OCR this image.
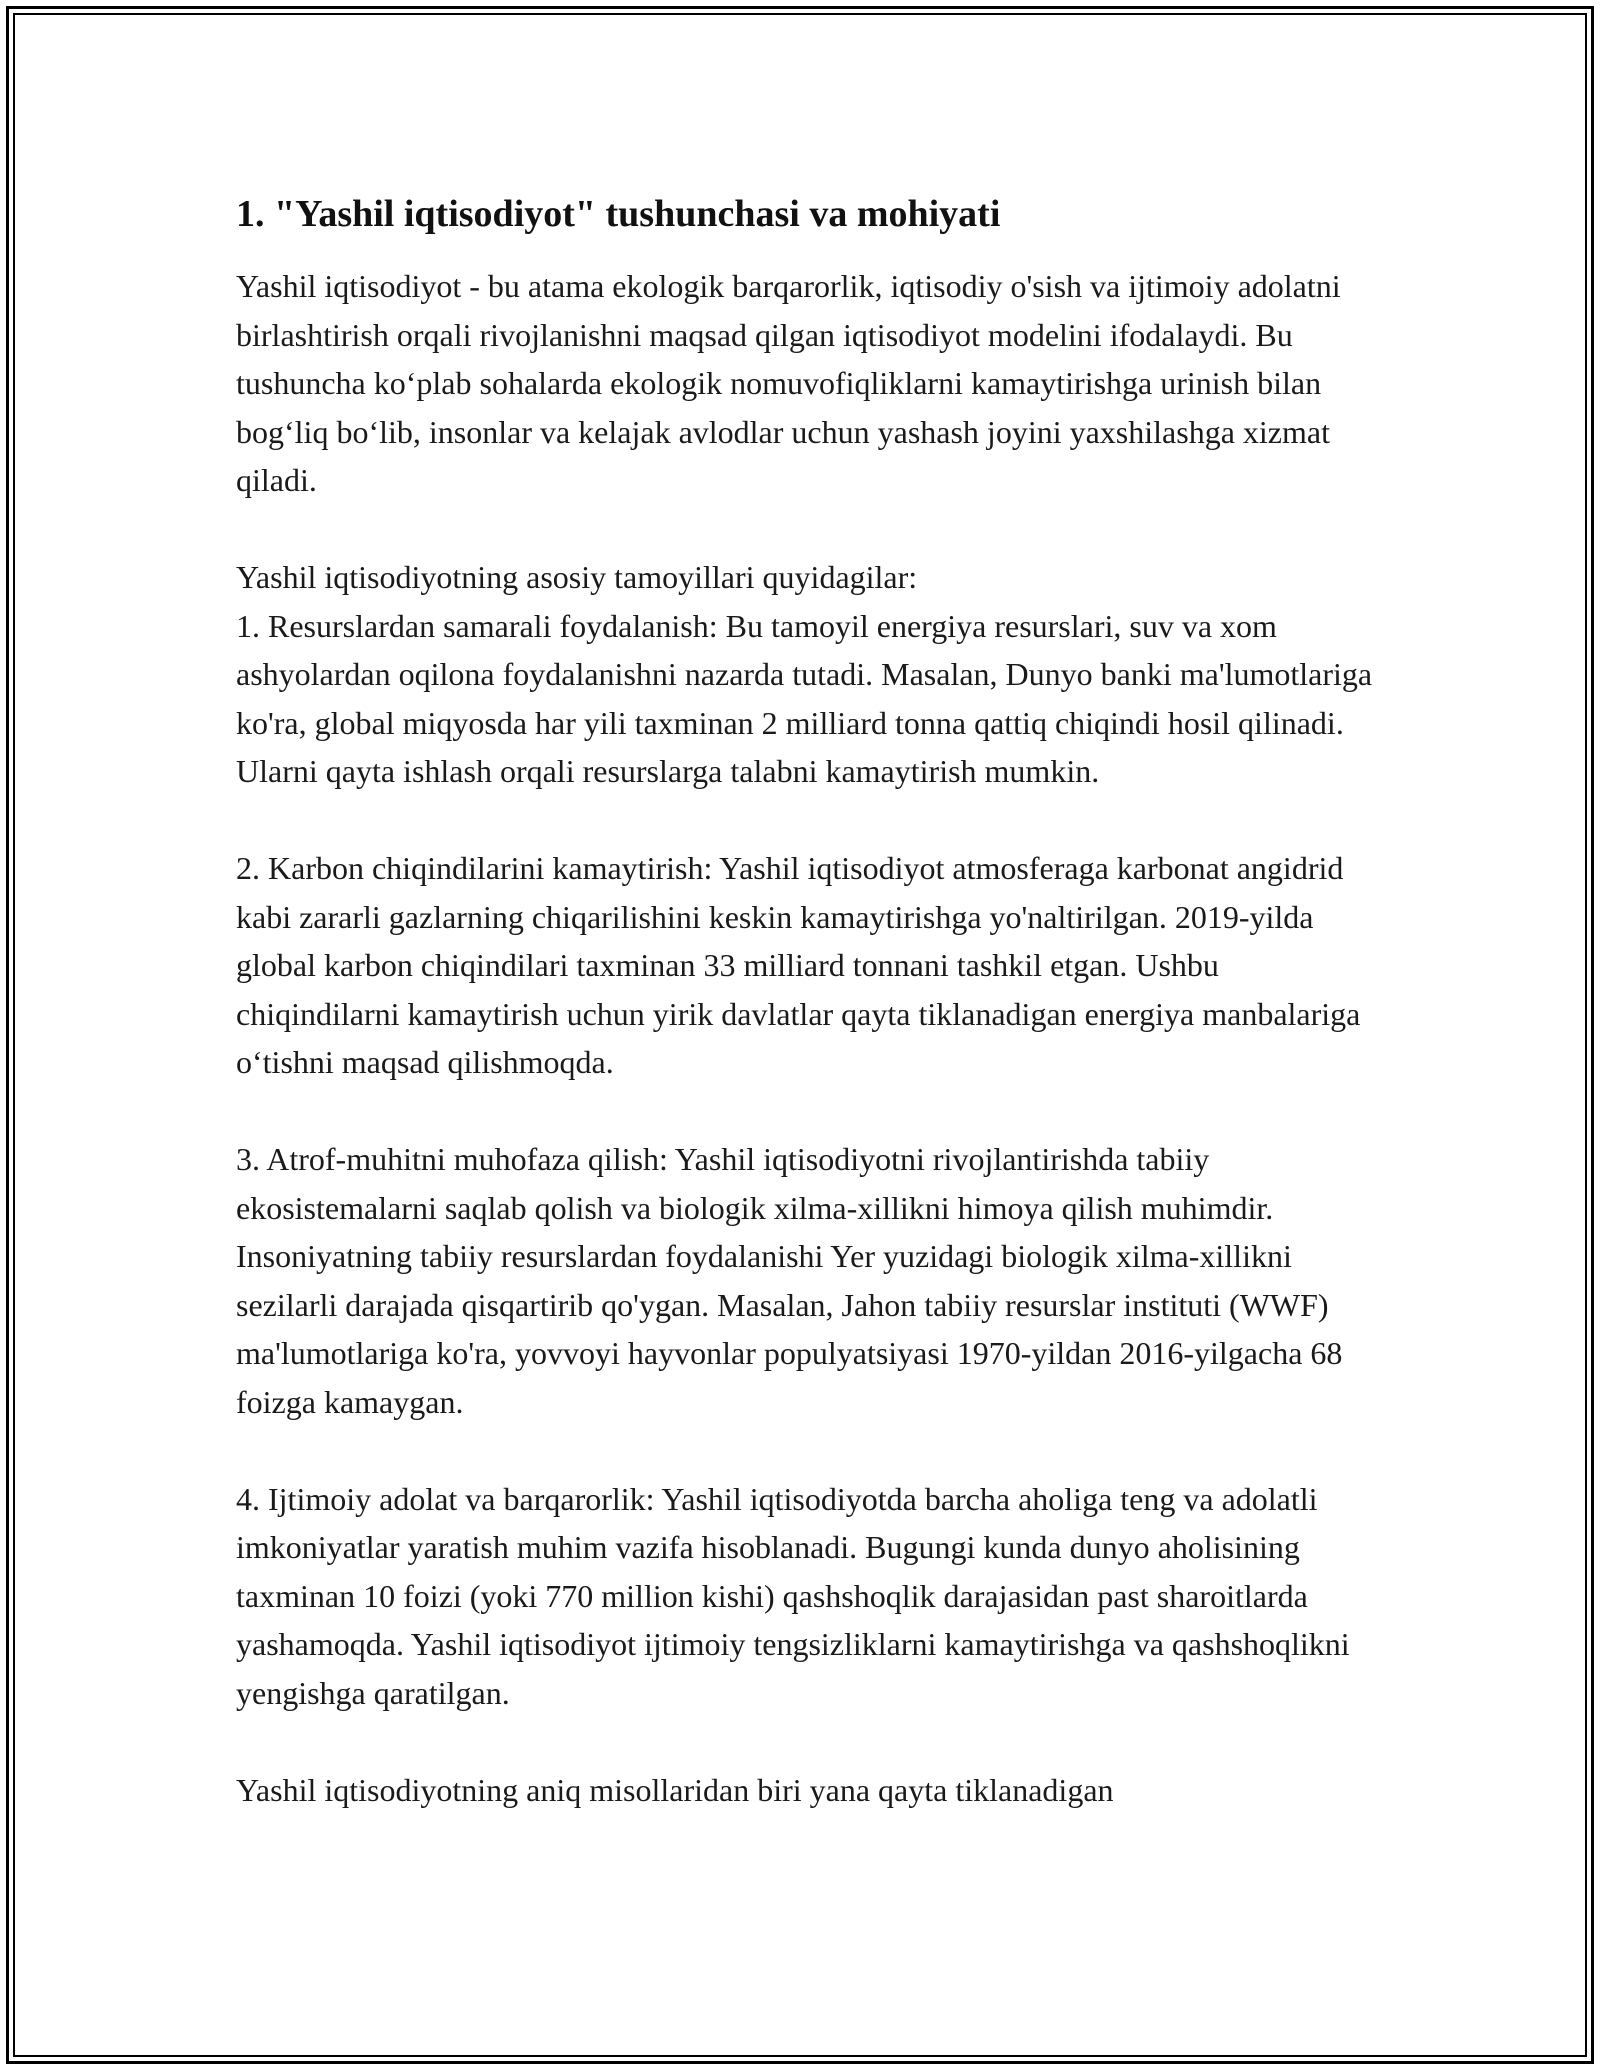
1. "Yashil iqtisodiyot" tushunchasi va mohiyati

Yashil iqtisodiyot - bu atama ekologik barqarorlik, iqtisodiy o'sish va ijtimoiy adolatni birlashtirish orqali rivojlanishni maqsad qilgan iqtisodiyot modelini ifodalaydi. Bu tushuncha koʻplab sohalarda ekologik nomuvofiqliklarni kamaytirishga urinish bilan bogʻliq boʻlib, insonlar va kelajak avlodlar uchun yashash joyini yaxshilashga xizmat qiladi.

Yashil iqtisodiyotning asosiy tamoyillari quyidagilar:

1. Resurslardan samarali foydalanish: Bu tamoyil energiya resurslari, suv va xom ashyolardan oqilona foydalanishni nazarda tutadi. Masalan, Dunyo banki ma'lumotlariga ko'ra, global miqyosda har yili taxminan 2 milliard tonna qattiq chiqindi hosil qilinadi. Ularni qayta ishlash orqali resurslarga talabni kamaytirish mumkin.

2. Karbon chiqindilarini kamaytirish: Yashil iqtisodiyot atmosferaga karbonat angidrid kabi zararli gazlarning chiqarilishini keskin kamaytirishga yo'naltirilgan. 2019-yilda global karbon chiqindilari taxminan 33 milliard tonnani tashkil etgan. Ushbu chiqindilarni kamaytirish uchun yirik davlatlar qayta tiklanadigan energiya manbalariga oʻtishni maqsad qilishmoqda.

3. Atrof-muhitni muhofaza qilish: Yashil iqtisodiyotni rivojlantirishda tabiiy ekosistemalarni saqlab qolish va biologik xilma-xillikni himoya qilish muhimdir. Insoniyatning tabiiy resurslardan foydalanishi Yer yuzidagi biologik xilma-xillikni sezilarli darajada qisqartirib qo'ygan. Masalan, Jahon tabiiy resurslar instituti (WWF) ma'lumotlariga ko'ra, yovvoyi hayvonlar populyatsiyasi 1970-yildan 2016-yilgacha 68 foizga kamaygan.

4. Ijtimoiy adolat va barqarorlik: Yashil iqtisodiyotda barcha aholiga teng va adolatli imkoniyatlar yaratish muhim vazifa hisoblanadi. Bugungi kunda dunyo aholisining taxminan 10 foizi (yoki 770 million kishi) qashshoqlik darajasidan past sharoitlarda yashamoqda. Yashil iqtisodiyot ijtimoiy tengsizliklarni kamaytirishga va qashshoqlikni yengishga qaratilgan.

Yashil iqtisodiyotning aniq misollaridan biri yana qayta tiklanadigan
